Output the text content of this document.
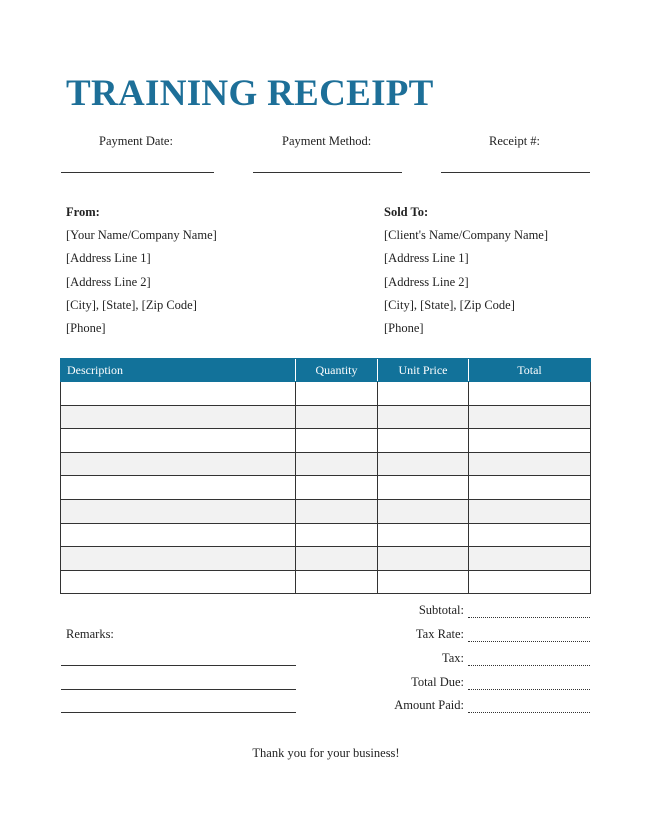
TRAINING RECEIPT
Payment Date:	Payment Method:	Receipt #:
From:
[Your Name/Company Name]
[Address Line 1]
[Address Line 2]
[City], [State], [Zip Code]
[Phone]
Sold To:
[Client's Name/Company Name]
[Address Line 1]
[Address Line 2]
[City], [State], [Zip Code]
[Phone]
Description	Quantity	Unit Price	Total

Subtotal:
Tax Rate:
Tax:
Total Due:
Amount Paid:
Remarks:
Thank you for your business!
